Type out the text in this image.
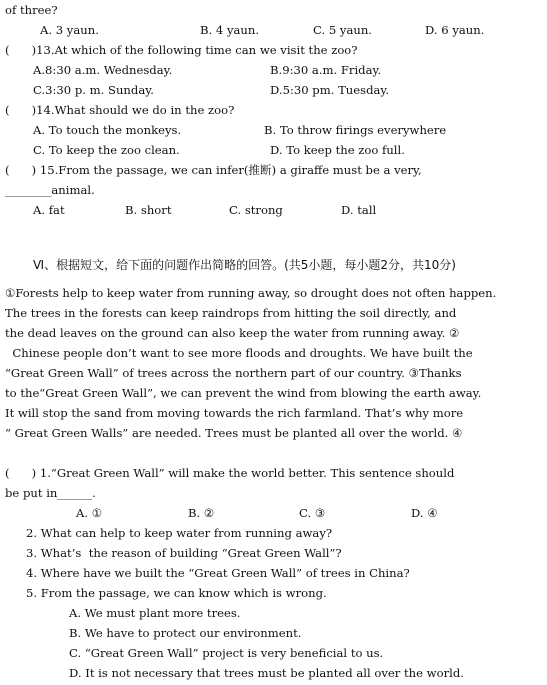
of three?
A. 3 yaun.	B. 4 yaun.	C. 5 yaun.	D. 6 yaun.
(      )13.At which of the following time can we visit the zoo?
A.8:30 a.m. Wednesday.	B.9:30 a.m. Friday.
C.3:30 p. m. Sunday.	D.5:30 pm. Tuesday.
(      )14.What should we do in the zoo?
A. To touch the monkeys.	B. To throw firings everywhere
C. To keep the zoo clean.	D. To keep the zoo full.
(      ) 15.From the passage, we can infer(推断) a giraffe must be a very,
________animal.
A. fat	B. short	C. strong	D. tall
Ⅵ、根据短文，给下面的问题作出简略的回答。(共5小题，每小题2分，共10分)
①Forests help to keep water from running away, so drought does not often happen.
The trees in the forests can keep raindrops from hitting the soil directly, and
the dead leaves on the ground can also keep the water from running away. ②
Chinese people don’t want to see more floods and droughts. We have built the
“Great Green Wall” of trees across the northern part of our country. ③Thanks
to the“Great Green Wall”, we can prevent the wind from blowing the earth away.
It will stop the sand from moving towards the rich farmland. That’s why more
“ Great Green Walls” are needed. Trees must be planted all over the world. ④
(      ) 1.“Great Green Wall” will make the world better. This sentence should
be put in______.
A. ①	B. ②	C. ③	D. ④
2. What can help to keep water from running away?
3. What’s  the reason of building “Great Green Wall”?
4. Where have we built the “Great Green Wall” of trees in China?
5. From the passage, we can know which is wrong.
A. We must plant more trees.
B. We have to protect our environment.
C. “Great Green Wall” project is very beneficial to us.
D. It is not necessary that trees must be planted all over the world.
